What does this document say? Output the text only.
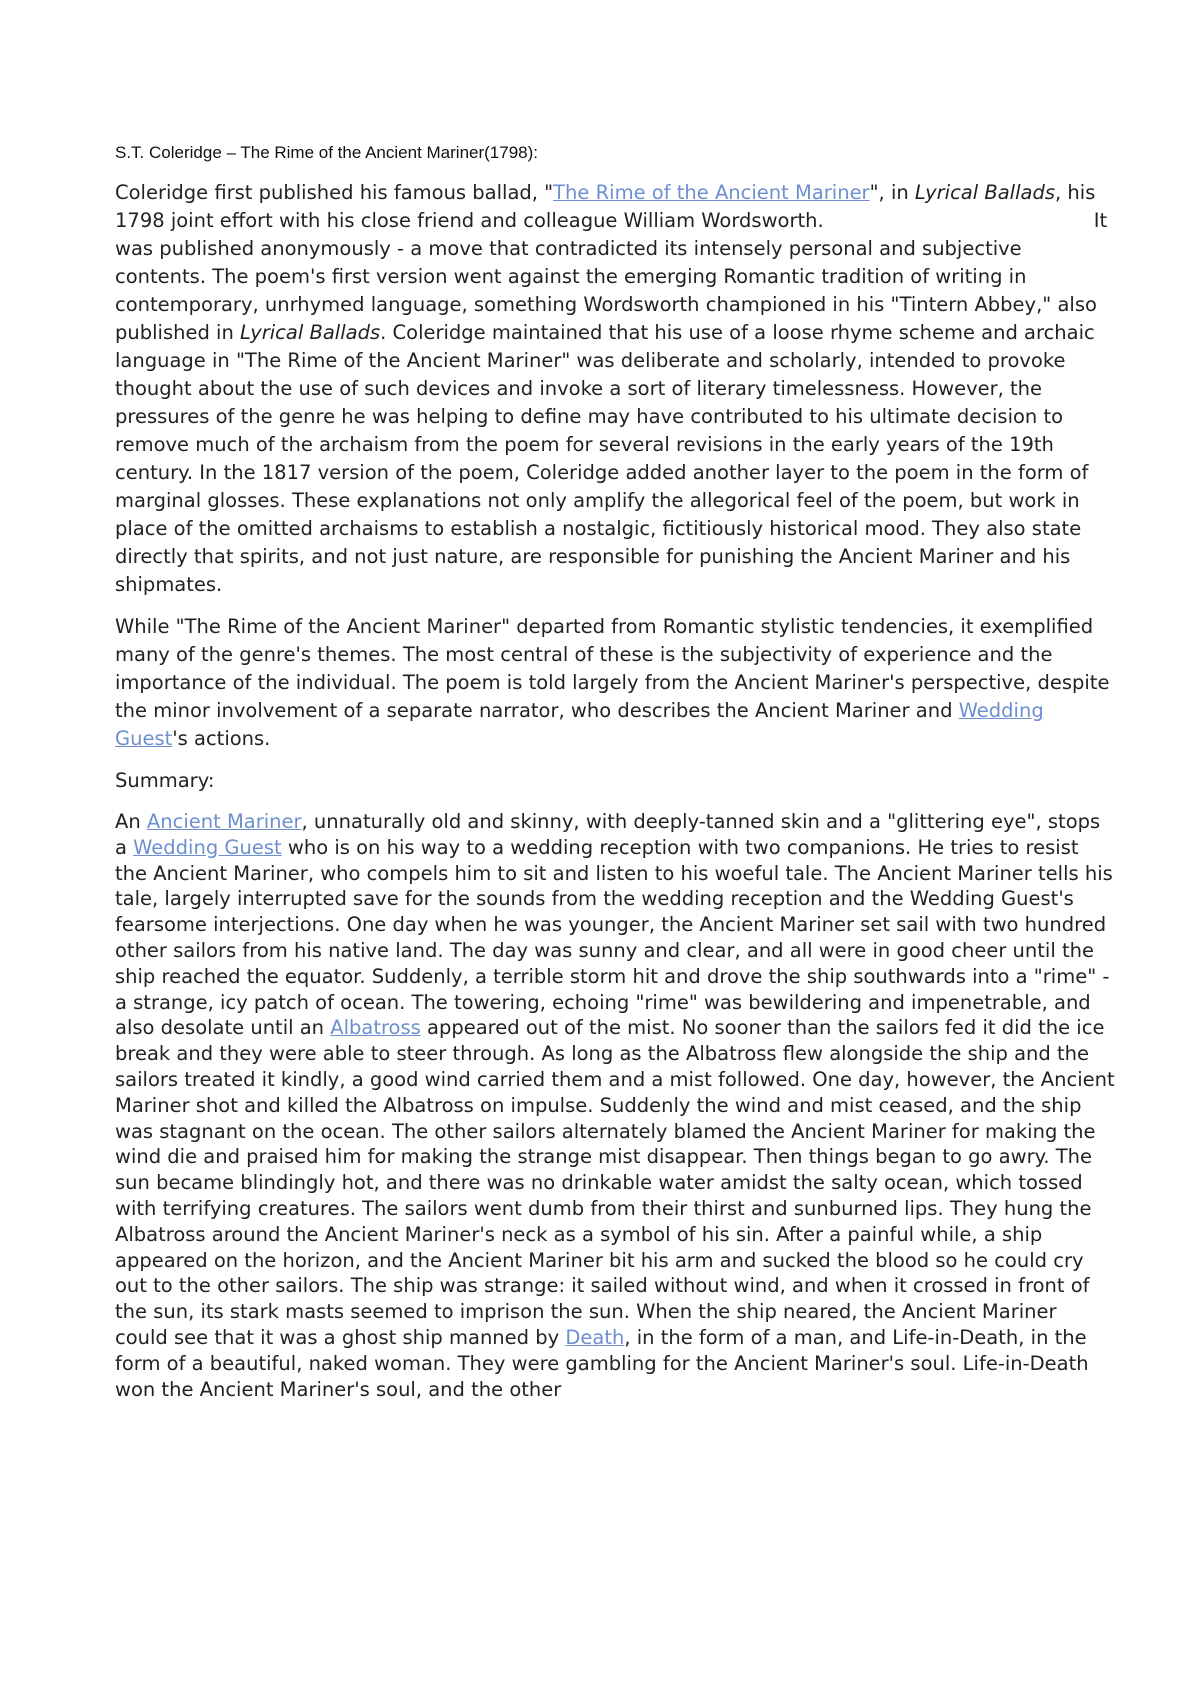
S.T. Coleridge – The Rime of the Ancient Mariner(1798):

Coleridge first published his famous ballad, "The Rime of the Ancient Mariner", in Lyrical Ballads, his 1798 joint effort with his close friend and colleague William Wordsworth.	It was published anonymously - a move that contradicted its intensely personal and subjective contents. The poem's first version went against the emerging Romantic tradition of writing in contemporary, unrhymed language, something Wordsworth championed in his "Tintern Abbey," also published in Lyrical Ballads. Coleridge maintained that his use of a loose rhyme scheme and archaic language in "The Rime of the Ancient Mariner" was deliberate and scholarly, intended to provoke thought about the use of such devices and invoke a sort of literary timelessness. However, the pressures of the genre he was helping to define may have contributed to his ultimate decision to remove much of the archaism from the poem for several revisions in the early years of the 19th century. In the 1817 version of the poem, Coleridge added another layer to the poem in the form of marginal glosses. These explanations not only amplify the allegorical feel of the poem, but work in place of the omitted archaisms to establish a nostalgic, fictitiously historical mood. They also state directly that spirits, and not just nature, are responsible for punishing the Ancient Mariner and his shipmates.

While "The Rime of the Ancient Mariner" departed from Romantic stylistic tendencies, it exemplified many of the genre's themes. The most central of these is the subjectivity of experience and the importance of the individual. The poem is told largely from the Ancient Mariner's perspective, despite the minor involvement of a separate narrator, who describes the Ancient Mariner and Wedding Guest's actions.

Summary:

An Ancient Mariner, unnaturally old and skinny, with deeply-tanned skin and a "glittering eye", stops a Wedding Guest who is on his way to a wedding reception with two companions. He tries to resist the Ancient Mariner, who compels him to sit and listen to his woeful tale. The Ancient Mariner tells his tale, largely interrupted save for the sounds from the wedding reception and the Wedding Guest's fearsome interjections. One day when he was younger, the Ancient Mariner set sail with two hundred other sailors from his native land. The day was sunny and clear, and all were in good cheer until the ship reached the equator. Suddenly, a terrible storm hit and drove the ship southwards into a "rime" - a strange, icy patch of ocean. The towering, echoing "rime" was bewildering and impenetrable, and also desolate until an Albatross appeared out of the mist. No sooner than the sailors fed it did the ice break and they were able to steer through. As long as the Albatross flew alongside the ship and the sailors treated it kindly, a good wind carried them and a mist followed. One day, however, the Ancient Mariner shot and killed the Albatross on impulse. Suddenly the wind and mist ceased, and the ship was stagnant on the ocean. The other sailors alternately blamed the Ancient Mariner for making the wind die and praised him for making the strange mist disappear. Then things began to go awry. The sun became blindingly hot, and there was no drinkable water amidst the salty ocean, which tossed with terrifying creatures. The sailors went dumb from their thirst and sunburned lips. They hung the Albatross around the Ancient Mariner's neck as a symbol of his sin. After a painful while, a ship appeared on the horizon, and the Ancient Mariner bit his arm and sucked the blood so he could cry out to the other sailors. The ship was strange: it sailed without wind, and when it crossed in front of the sun, its stark masts seemed to imprison the sun. When the ship neared, the Ancient Mariner could see that it was a ghost ship manned by Death, in the form of a man, and Life-in-Death, in the form of a beautiful, naked woman. They were gambling for the Ancient Mariner's soul. Life-in-Death won the Ancient Mariner's soul, and the other
